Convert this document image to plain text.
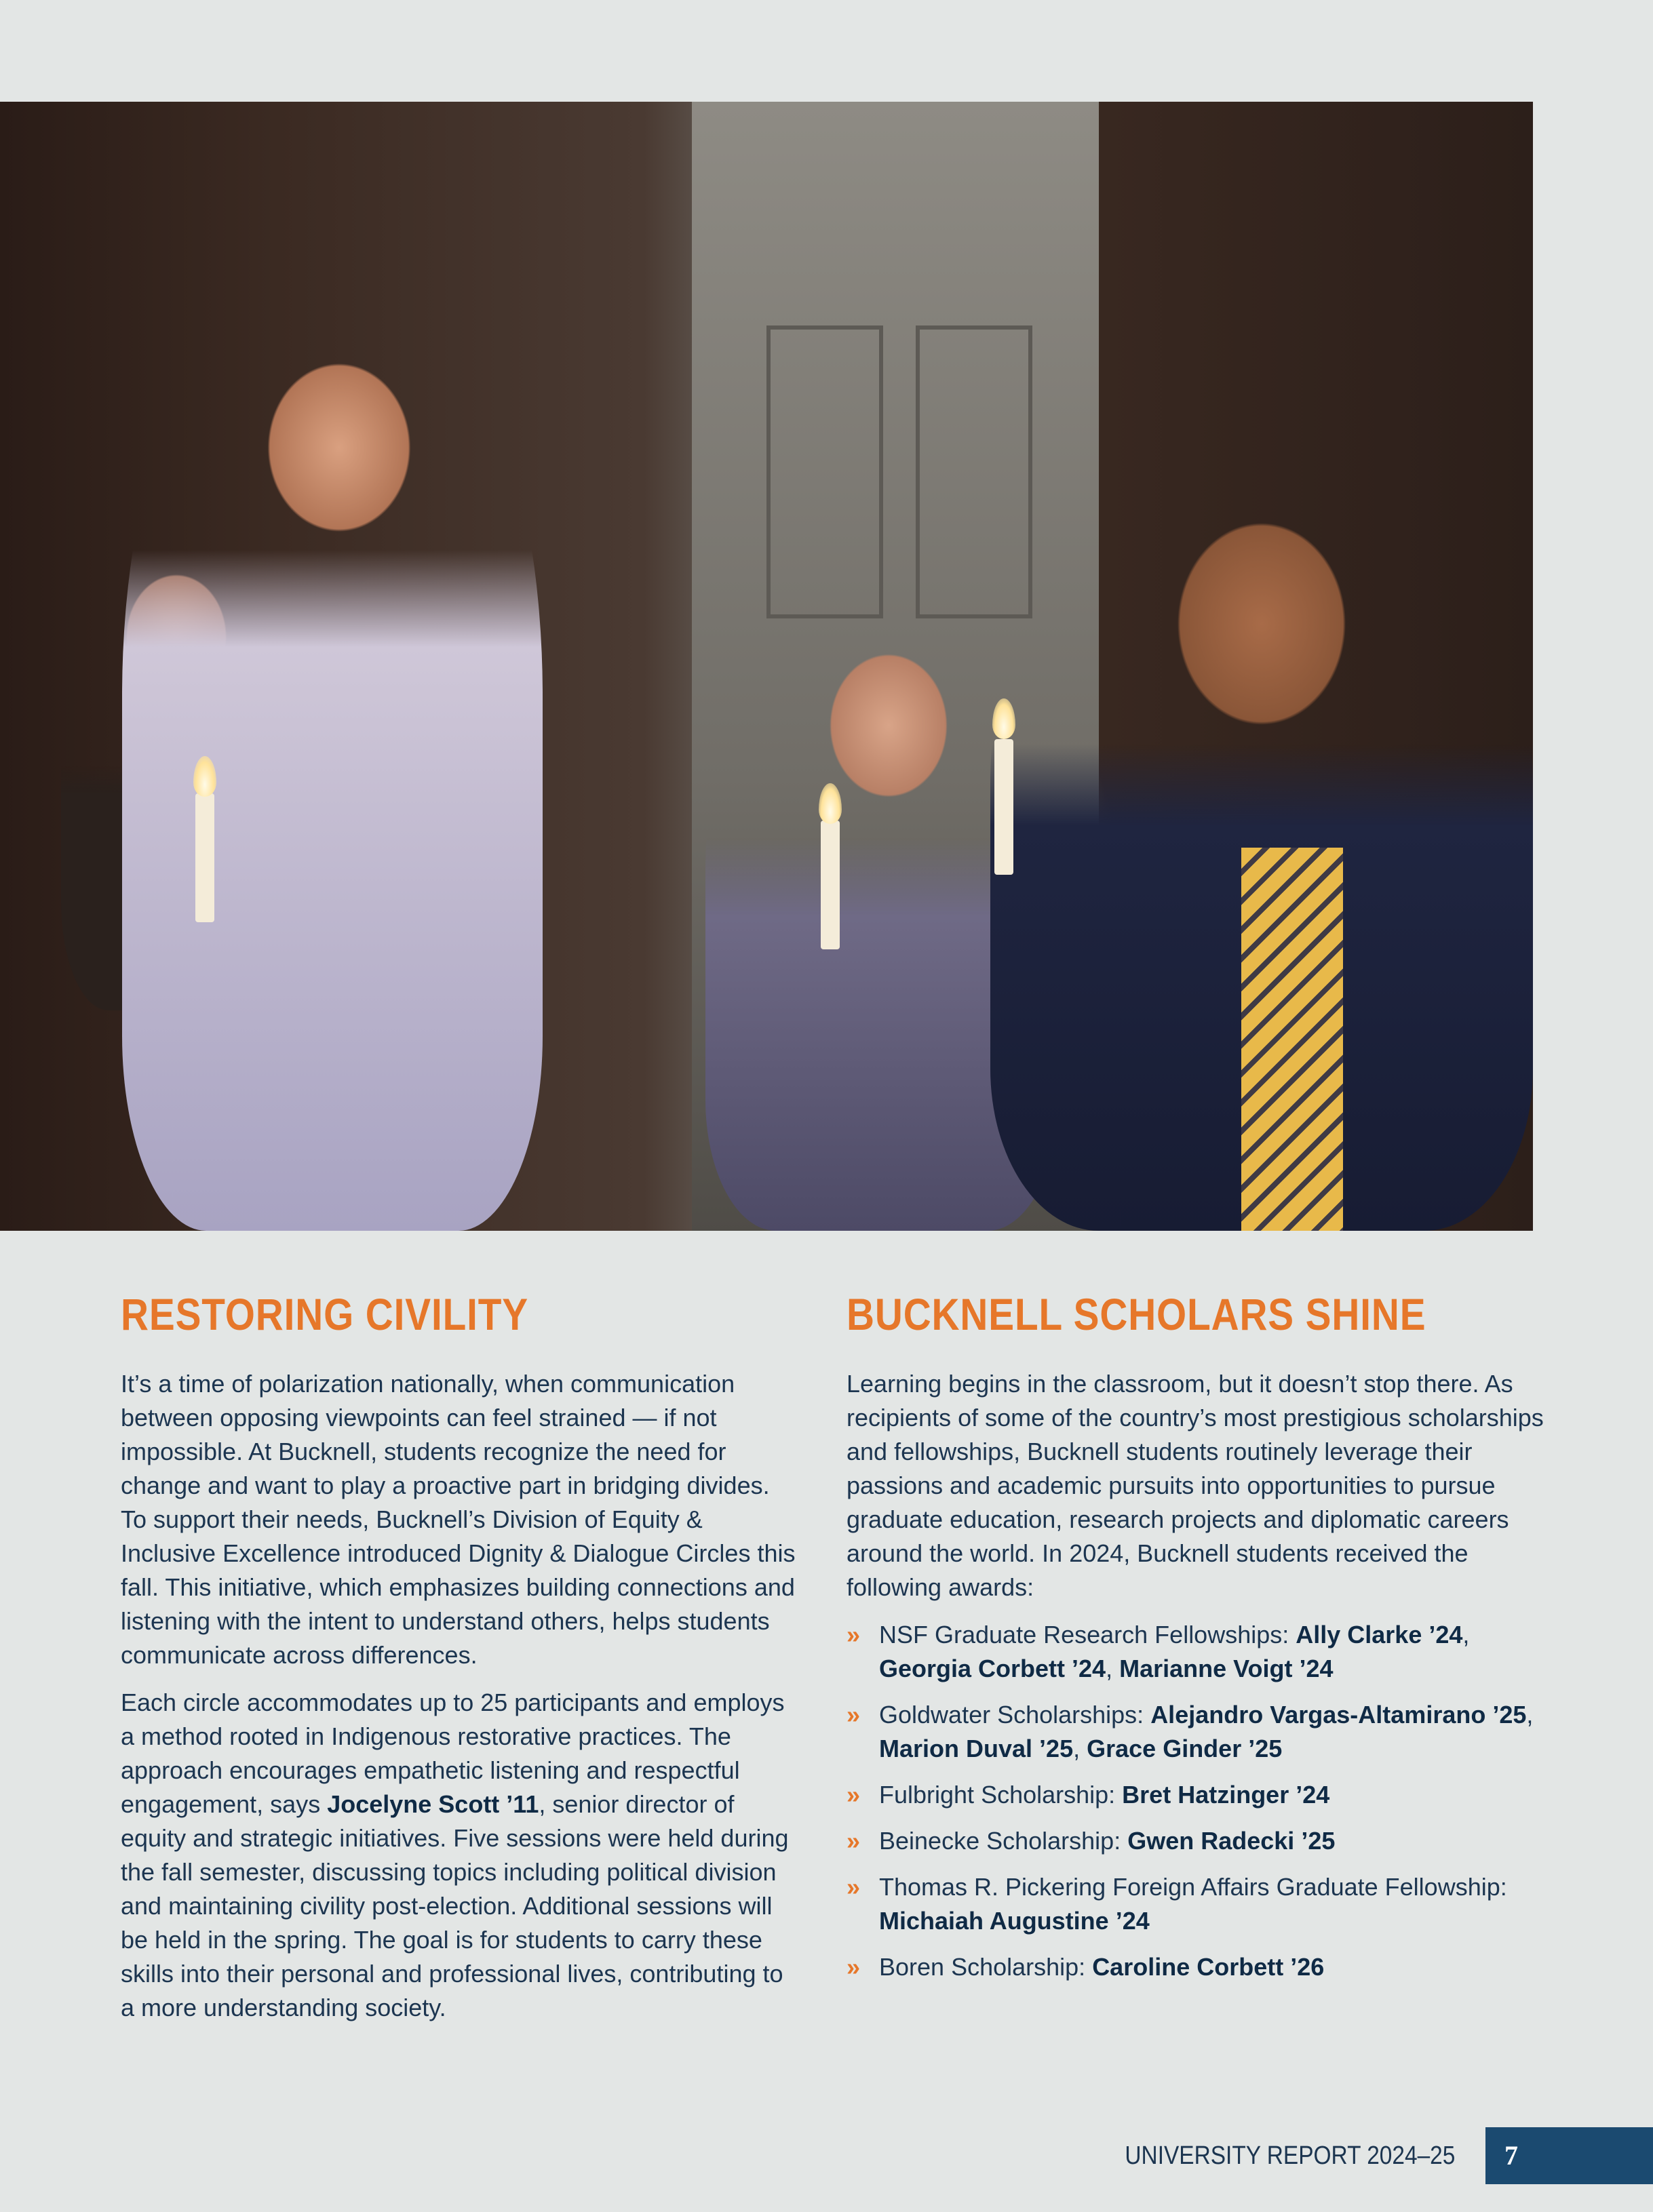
RESTORING CIVILITY

It’s a time of polarization nationally, when communication between opposing viewpoints can feel strained — if not impossible. At Bucknell, students recognize the need for change and want to play a proactive part in bridging divides. To support their needs, Bucknell’s Division of Equity & Inclusive Excellence introduced Dignity & Dialogue Circles this fall. This initiative, which emphasizes building connections and listening with the intent to understand others, helps students communicate across differences.

Each circle accommodates up to 25 participants and employs a method rooted in Indigenous restorative practices. The approach encourages empathetic listening and respectful engagement, says Jocelyne Scott ’11, senior director of equity and strategic initiatives. Five sessions were held during the fall semester, discussing topics including political division and maintaining civility post-election. Additional sessions will be held in the spring. The goal is for students to carry these skills into their personal and professional lives, contributing to a more understanding society.

BUCKNELL SCHOLARS SHINE

Learning begins in the classroom, but it doesn’t stop there. As recipients of some of the country’s most prestigious scholarships and fellowships, Bucknell students routinely leverage their passions and academic pursuits into opportunities to pursue graduate education, research projects and diplomatic careers around the world. In 2024, Bucknell students received the following awards:

» NSF Graduate Research Fellowships: Ally Clarke ’24, Georgia Corbett ’24, Marianne Voigt ’24
» Goldwater Scholarships: Alejandro Vargas-Altamirano ’25, Marion Duval ’25, Grace Ginder ’25
» Fulbright Scholarship: Bret Hatzinger ’24
» Beinecke Scholarship: Gwen Radecki ’25
» Thomas R. Pickering Foreign Affairs Graduate Fellowship: Michaiah Augustine ’24
» Boren Scholarship: Caroline Corbett ’26
UNIVERSITY REPORT 2024–25 7
